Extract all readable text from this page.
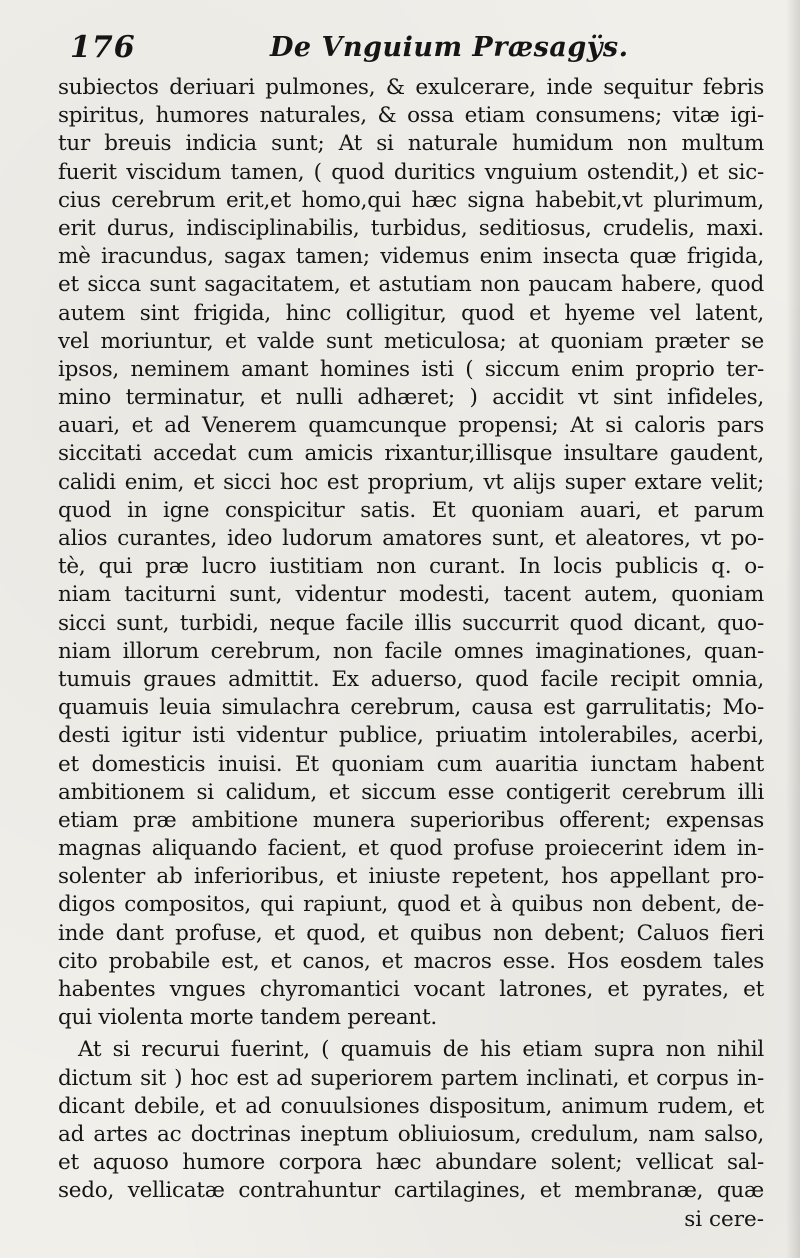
176	De Vnguium Præsagÿs.
subiectos deriuari pulmones, & exulcerare, inde sequitur febris
spiritus, humores naturales, & ossa etiam consumens; vitæ igi-
tur breuis indicia sunt; At si naturale humidum non multum
fuerit viscidum tamen, ( quod duritics vnguium ostendit,) et sic-
cius cerebrum erit,et homo,qui hæc signa habebit,vt plurimum,
erit durus, indisciplinabilis, turbidus, seditiosus, crudelis, maxi.
mè iracundus, sagax tamen; videmus enim insecta quæ frigida,
et sicca sunt sagacitatem, et astutiam non paucam habere, quod
autem sint frigida, hinc colligitur, quod et hyeme vel latent,
vel moriuntur, et valde sunt meticulosa; at quoniam præter se
ipsos, neminem amant homines isti ( siccum enim proprio ter-
mino terminatur, et nulli adhæret; ) accidit vt sint infideles,
auari, et ad Venerem quamcunque propensi; At si caloris pars
siccitati accedat cum amicis rixantur,illisque insultare gaudent,
calidi enim, et sicci hoc est proprium, vt alijs super extare velit;
quod in igne conspicitur satis. Et quoniam auari, et parum
alios curantes, ideo ludorum amatores sunt, et aleatores, vt po-
tè, qui præ lucro iustitiam non curant. In locis publicis q. o-
niam taciturni sunt, videntur modesti, tacent autem, quoniam
sicci sunt, turbidi, neque facile illis succurrit quod dicant, quo-
niam illorum cerebrum, non facile omnes imaginationes, quan-
tumuis graues admittit. Ex aduerso, quod facile recipit omnia,
quamuis leuia simulachra cerebrum, causa est garrulitatis; Mo-
desti igitur isti videntur publice, priuatim intolerabiles, acerbi,
et domesticis inuisi. Et quoniam cum auaritia iunctam habent
ambitionem si calidum, et siccum esse contigerit cerebrum illi
etiam præ ambitione munera superioribus offerent; expensas
magnas aliquando facient, et quod profuse proiecerint idem in-
solenter ab inferioribus, et iniuste repetent, hos appellant pro-
digos compositos, qui rapiunt, quod et à quibus non debent, de-
inde dant profuse, et quod, et quibus non debent; Caluos fieri
cito probabile est, et canos, et macros esse. Hos eosdem tales
habentes vngues chyromantici vocant latrones, et pyrates, et
qui violenta morte tandem pereant.
At si recurui fuerint, ( quamuis de his etiam supra non nihil
dictum sit ) hoc est ad superiorem partem inclinati, et corpus in-
dicant debile, et ad conuulsiones dispositum, animum rudem, et
ad artes ac doctrinas ineptum obliuiosum, credulum, nam salso,
et aquoso humore corpora hæc abundare solent; vellicat sal-
sedo, vellicatæ contrahuntur cartilagines, et membranæ, quæ
si cere-
